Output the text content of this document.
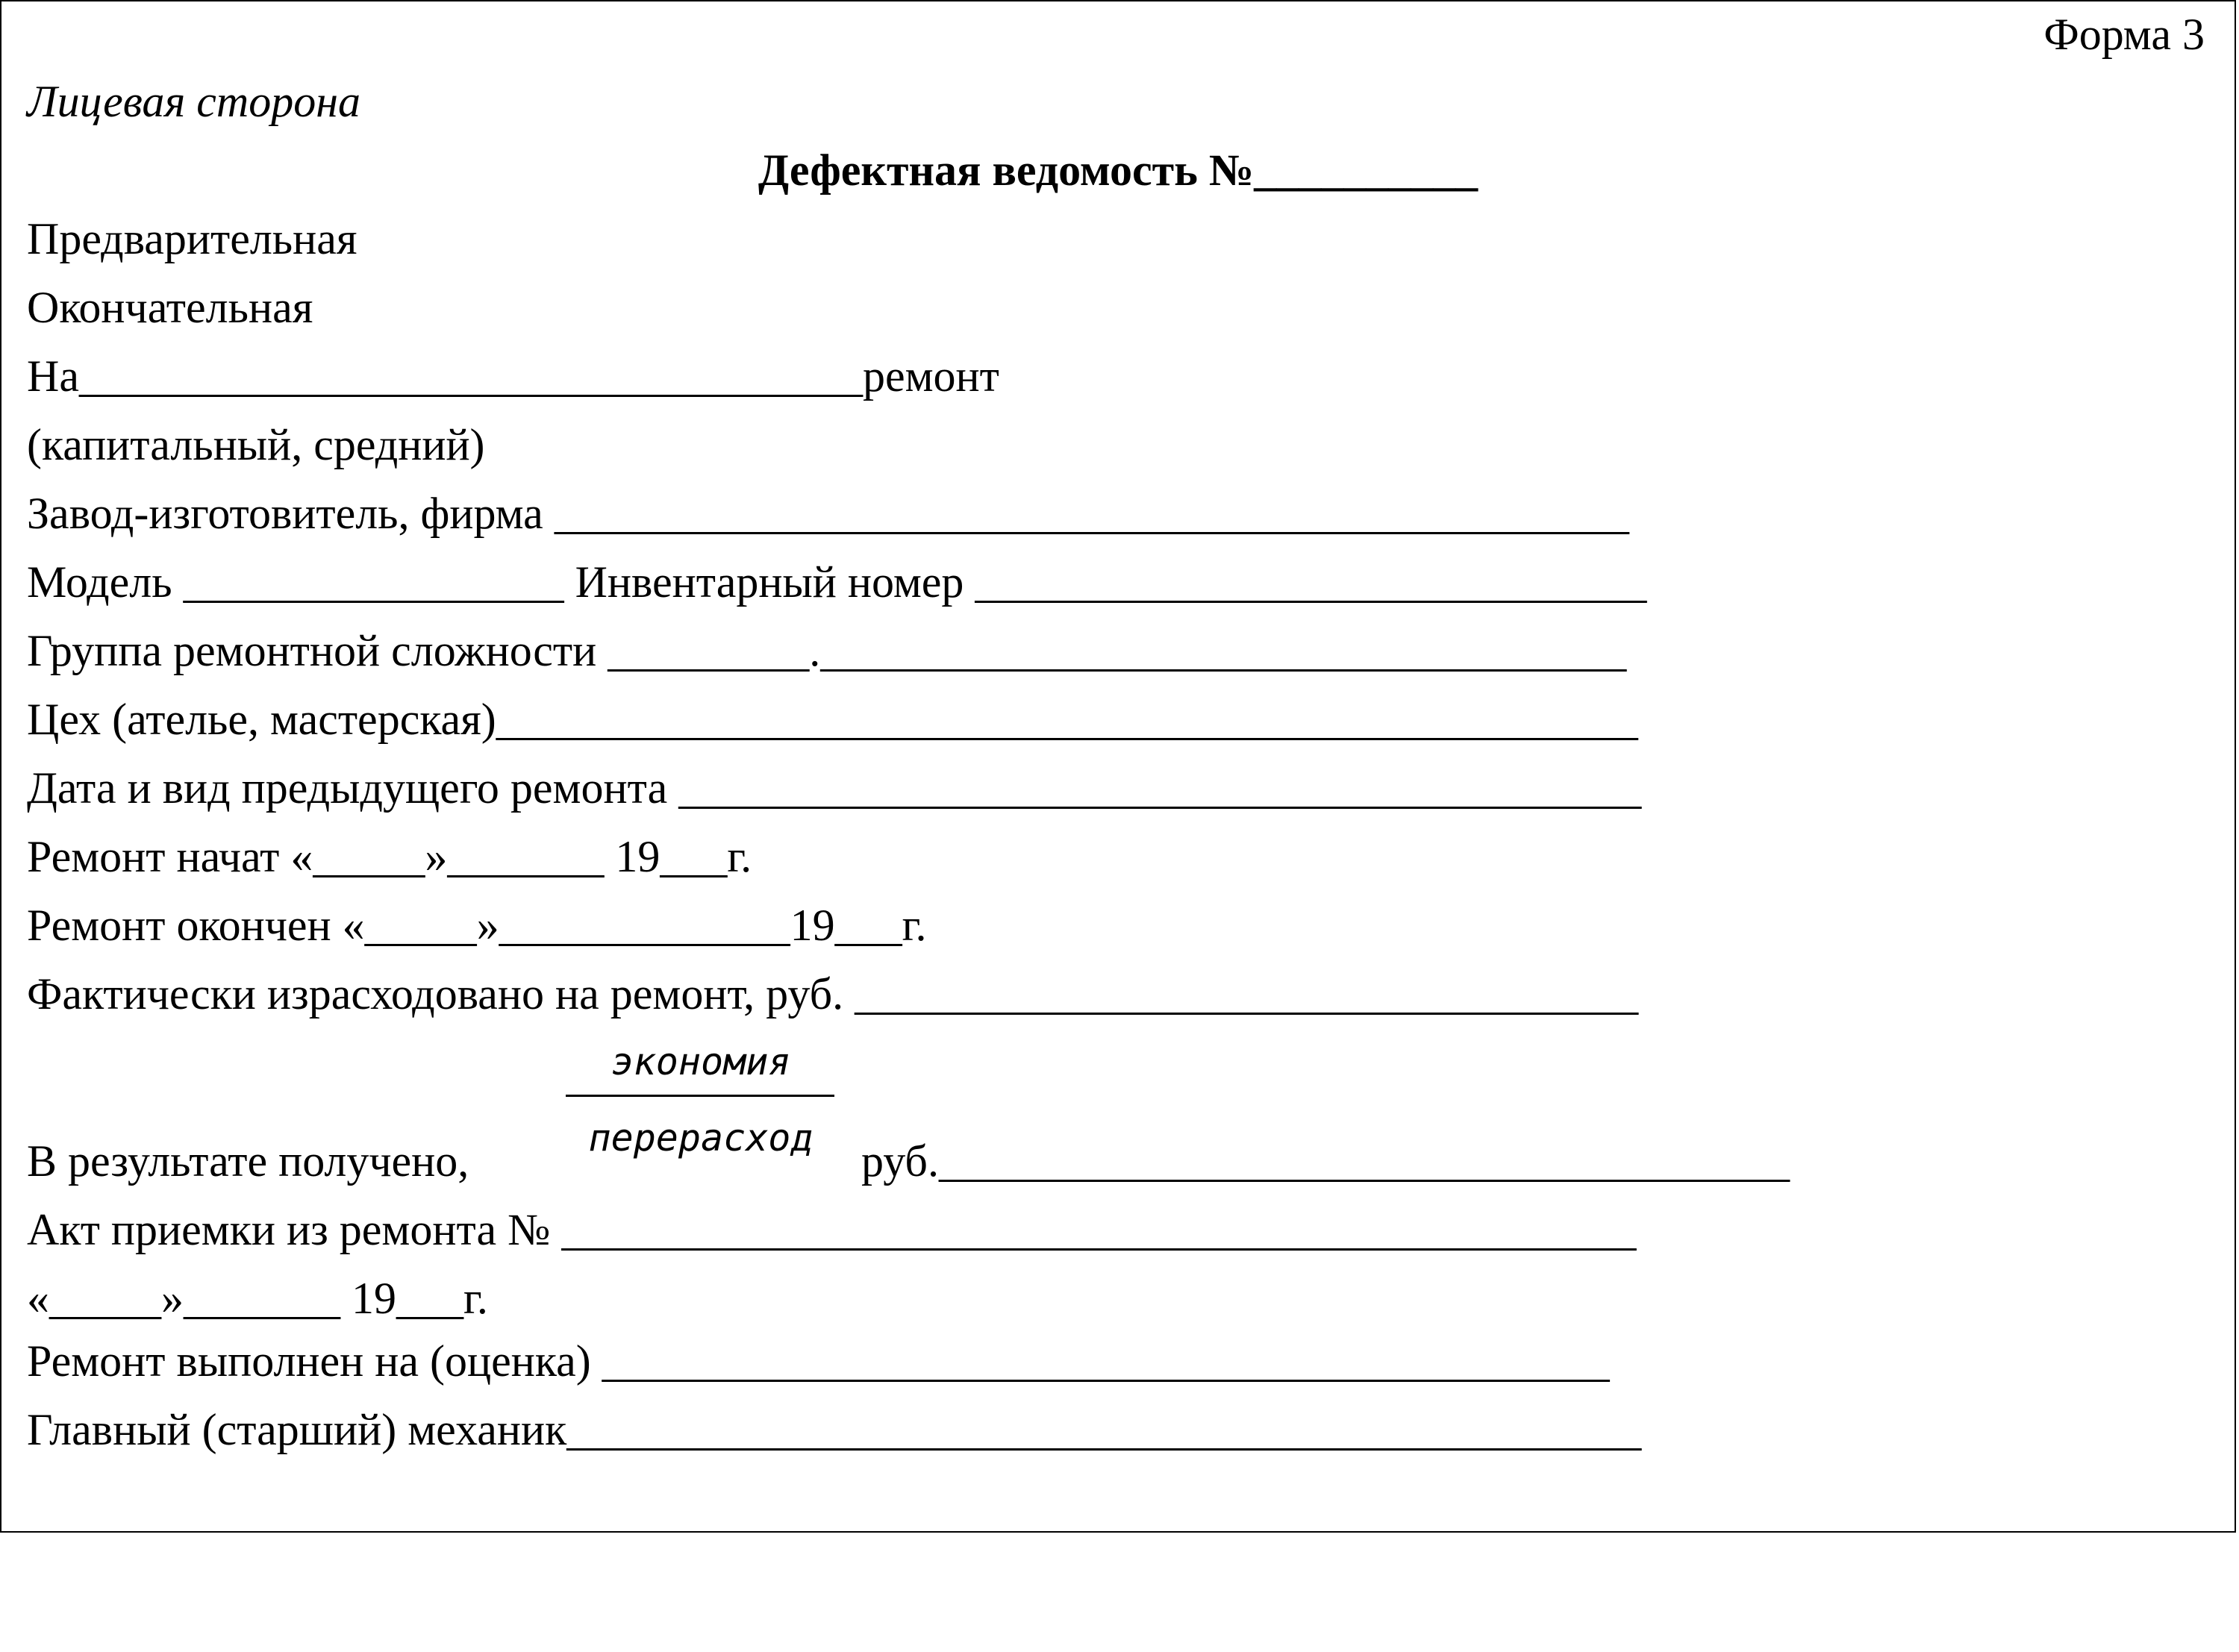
Форма 3
Лицевая сторона
Дефектная ведомость №__________
Предварительная
Окончательная
На___________________________________ремонт
(капитальный, средний)
Завод-изготовитель, фирма ________________________________________________
Модель _________________ Инвентарный номер ______________________________
Группа ремонтной сложности _________.____________________________________
Цех (ателье, мастерская)___________________________________________________
Дата и вид предыдущего ремонта ___________________________________________
Ремонт начат «_____»_______ 19___г.
Ремонт окончен «_____»_____________19___г.
Фактически израсходовано на ремонт, руб. ___________________________________
экономия
перерасход
В результате получено,	руб.______________________________________
Акт приемки из ремонта № ________________________________________________
«_____»_______ 19___г.
Ремонт выполнен на (оценка) _____________________________________________
Главный (старший) механик________________________________________________
